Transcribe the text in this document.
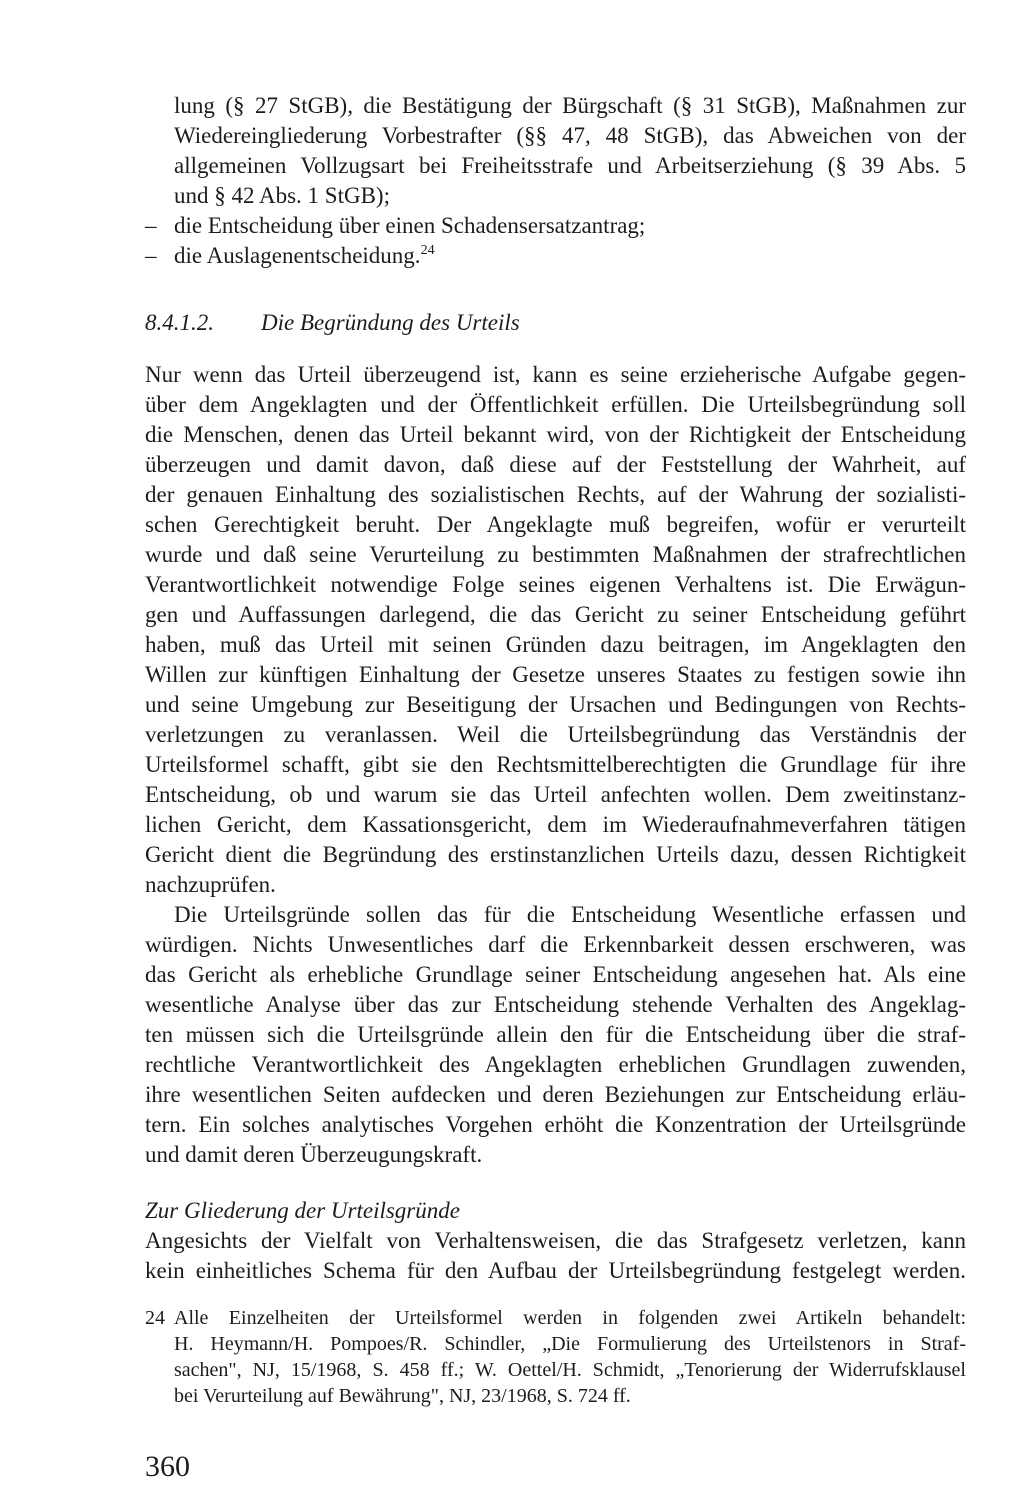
lung (§ 27 StGB), die Bestätigung der Bürgschaft (§ 31 StGB), Maßnahmen zur
Wiedereingliederung Vorbestrafter (§§ 47, 48 StGB), das Abweichen von der
allgemeinen Vollzugsart bei Freiheitsstrafe und Arbeitserziehung (§ 39 Abs. 5
und § 42 Abs. 1 StGB);
– die Entscheidung über einen Schadensersatzantrag;
– die Auslagenentscheidung.$^{24}$
8.4.1.2. Die Begründung des Urteils
Nur wenn das Urteil überzeugend ist, kann es seine erzieherische Aufgabe gegen-
über dem Angeklagten und der Öffentlichkeit erfüllen. Die Urteilsbegründung soll
die Menschen, denen das Urteil bekannt wird, von der Richtigkeit der Entscheidung
überzeugen und damit davon, daß diese auf der Feststellung der Wahrheit, auf
der genauen Einhaltung des sozialistischen Rechts, auf der Wahrung der sozialisti-
schen Gerechtigkeit beruht. Der Angeklagte muß begreifen, wofür er verurteilt
wurde und daß seine Verurteilung zu bestimmten Maßnahmen der strafrechtlichen
Verantwortlichkeit notwendige Folge seines eigenen Verhaltens ist. Die Erwägun-
gen und Auffassungen darlegend, die das Gericht zu seiner Entscheidung geführt
haben, muß das Urteil mit seinen Gründen dazu beitragen, im Angeklagten den
Willen zur künftigen Einhaltung der Gesetze unseres Staates zu festigen sowie ihn
und seine Umgebung zur Beseitigung der Ursachen und Bedingungen von Rechts-
verletzungen zu veranlassen. Weil die Urteilsbegründung das Verständnis der
Urteilsformel schafft, gibt sie den Rechtsmittelberechtigten die Grundlage für ihre
Entscheidung, ob und warum sie das Urteil anfechten wollen. Dem zweitinstanz-
lichen Gericht, dem Kassationsgericht, dem im Wiederaufnahmeverfahren tätigen
Gericht dient die Begründung des erstinstanzlichen Urteils dazu, dessen Richtigkeit
nachzuprüfen.
Die Urteilsgründe sollen das für die Entscheidung Wesentliche erfassen und
würdigen. Nichts Unwesentliches darf die Erkennbarkeit dessen erschweren, was
das Gericht als erhebliche Grundlage seiner Entscheidung angesehen hat. Als eine
wesentliche Analyse über das zur Entscheidung stehende Verhalten des Angeklag-
ten müssen sich die Urteilsgründe allein den für die Entscheidung über die straf-
rechtliche Verantwortlichkeit des Angeklagten erheblichen Grundlagen zuwenden,
ihre wesentlichen Seiten aufdecken und deren Beziehungen zur Entscheidung erläu-
tern. Ein solches analytisches Vorgehen erhöht die Konzentration der Urteilsgründe
und damit deren Überzeugungskraft.
Zur Gliederung der Urteilsgründe
Angesichts der Vielfalt von Verhaltensweisen, die das Strafgesetz verletzen, kann
kein einheitliches Schema für den Aufbau der Urteilsbegründung festgelegt werden.
24 Alle Einzelheiten der Urteilsformel werden in folgenden zwei Artikeln behandelt:
H. Heymann/H. Pompoes/R. Schindler, „Die Formulierung des Urteilstenors in Straf-
sachen", NJ, 15/1968, S. 458 ff.; W. Oettel/H. Schmidt, „Tenorierung der Widerrufsklausel
bei Verurteilung auf Bewährung", NJ, 23/1968, S. 724 ff.
360
